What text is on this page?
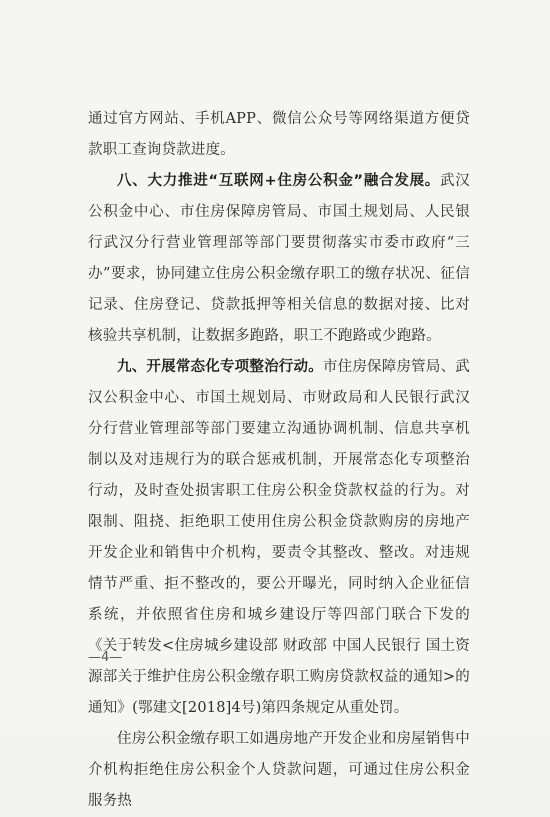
通过官方网站、手机APP、微信公众号等网络渠道方便贷款职工查询贷款进度。

八、大力推进“互联网+住房公积金”融合发展。武汉公积金中心、市住房保障房管局、市国土规划局、人民银行武汉分行营业管理部等部门要贯彻落实市委市政府“三办”要求，协同建立住房公积金缴存职工的缴存状况、征信记录、住房登记、贷款抵押等相关信息的数据对接、比对核验共享机制，让数据多跑路，职工不跑路或少跑路。

九、开展常态化专项整治行动。市住房保障房管局、武汉公积金中心、市国土规划局、市财政局和人民银行武汉分行营业管理部等部门要建立沟通协调机制、信息共享机制以及对违规行为的联合惩戒机制，开展常态化专项整治行动，及时查处损害职工住房公积金贷款权益的行为。对限制、阻挠、拒绝职工使用住房公积金贷款购房的房地产开发企业和销售中介机构，要责令其整改、整改。对违规情节严重、拒不整改的，要公开曝光，同时纳入企业征信系统，并依照省住房和城乡建设厅等四部门联合下发的《关于转发<住房城乡建设部 财政部 中国人民银行 国土资源部关于维护住房公积金缴存职工购房贷款权益的通知>的通知》(鄂建文[2018]4号)第四条规定从重处罚。

住房公积金缴存职工如遇房地产开发企业和房屋销售中介机构拒绝住房公积金个人贷款问题，可通过住房公积金服务热

—4—
